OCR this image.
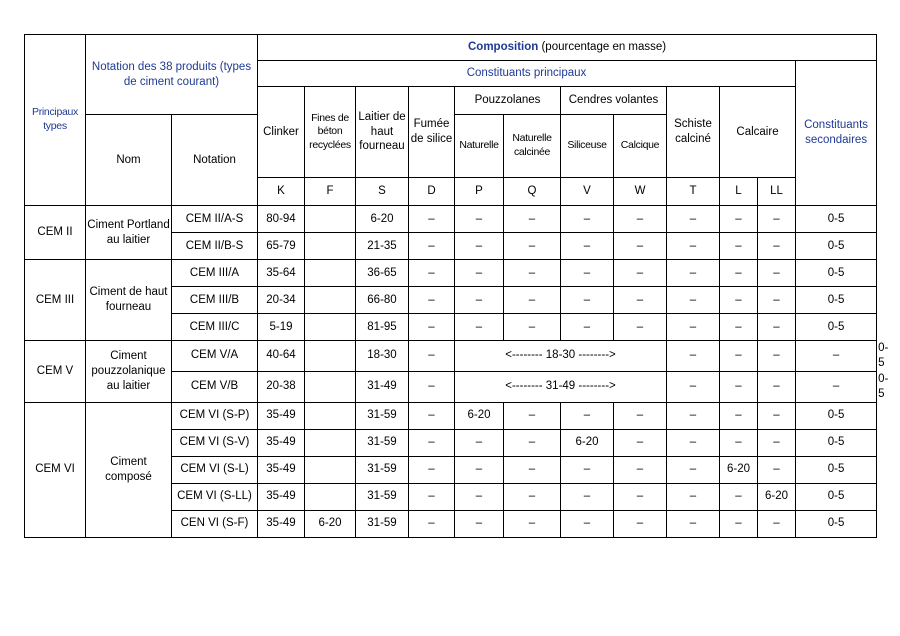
Principaux types	Notation des 38 produits (types de ciment courant)		Composition (pourcentage en masse)												
			Constituants principaux											Constituants secondaires	
			Clinker	Fines de béton recyclées	Laitier de haut fourneau	Fumée de silice	Pouzzolanes		Cendres volantes		Schiste calciné	Calcaire			
	Nom	Notation					Naturelle	Naturelle calcinée	Siliceuse	Calcique					
			K	F	S	D	P	Q	V	W	T	L	LL		
CEM II	Ciment Portland au laitier	CEM II/A-S	80-94		6-20	–	–	–	–	–	–	–	–	0-5	
		CEM II/B-S	65-79		21-35	–	–	–	–	–	–	–	–	0-5	
CEM III	Ciment de haut fourneau	CEM III/A	35-64		36-65	–	–	–	–	–	–	–	–	0-5	
		CEM III/B	20-34		66-80	–	–	–	–	–	–	–	–	0-5	
		CEM III/C	5-19		81-95	–	–	–	–	–	–	–	–	0-5	
CEM V	Ciment pouzzolanique au laitier	CEM V/A	40-64		18-30	–	<-------- 18-30 -------->				–	–	–	–	0-5
		CEM V/B	20-38		31-49	–	<-------- 31-49 -------->				–	–	–	–	0-5
CEM VI	Ciment composé	CEM VI (S-P)	35-49		31-59	–	6-20	–	–	–	–	–	–	0-5	
		CEM VI (S-V)	35-49		31-59	–	–	–	6-20	–	–	–	–	0-5	
		CEM VI (S-L)	35-49		31-59	–	–	–	–	–	–	6-20	–	0-5	
		CEM VI (S-LL)	35-49		31-59	–	–	–	–	–	–	–	6-20	0-5	
		CEN VI (S-F)	35-49	6-20	31-59	–	–	–	–	–	–	–	–	0-5	
